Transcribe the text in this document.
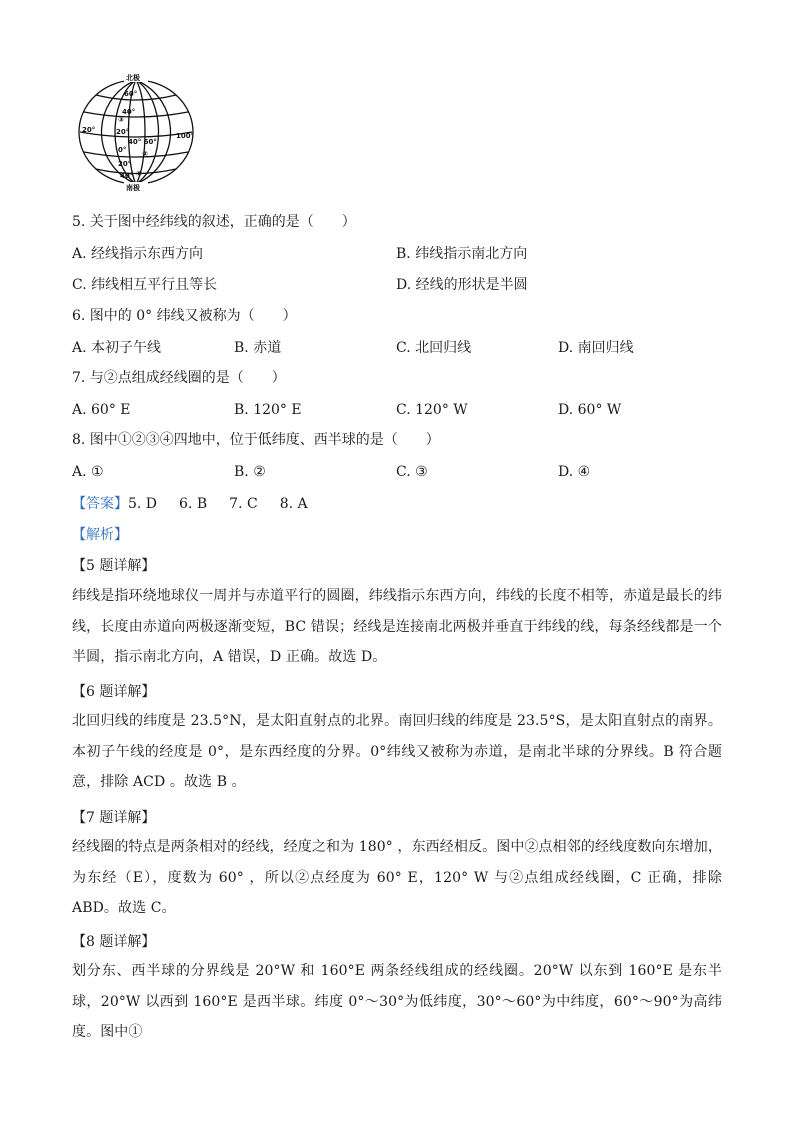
北极
南极
60°
40°
20°
③
20°
0°
40° 60°
②
20°
40° ①
100°
5. 关于图中经纬线的叙述，正确的是（　　）
A. 经线指示东西方向	B. 纬线指示南北方向
C. 纬线相互平行且等长	D. 经线的形状是半圆
6. 图中的 0° 纬线又被称为（　　）
A. 本初子午线	B. 赤道	C. 北回归线	D. 南回归线
7. 与②点组成经线圈的是（　　）
A. 60° E	B. 120° E	C. 120° W	D. 60° W
8. 图中①②③④四地中，位于低纬度、西半球的是（　　）
A. ①	B. ②	C. ③	D. ④
【答案】5. D 6. B 7. C 8. A
【解析】
【5 题详解】
纬线是指环绕地球仪一周并与赤道平行的圆圈，纬线指示东西方向，纬线的长度不相等，赤道是最长的纬线，长度由赤道向两极逐渐变短，BC 错误；经线是连接南北两极并垂直于纬线的线，每条经线都是一个半圆，指示南北方向，A 错误，D 正确。故选 D。
【6 题详解】
北回归线的纬度是 23.5°N，是太阳直射点的北界。南回归线的纬度是 23.5°S，是太阳直射点的南界。本初子午线的经度是 0°，是东西经度的分界。0°纬线又被称为赤道，是南北半球的分界线。B 符合题意，排除 ACD 。故选 B 。
【7 题详解】
经线圈的特点是两条相对的经线，经度之和为 180° ，东西经相反。图中②点相邻的经线度数向东增加，为东经（E），度数为 60° ，所以②点经度为 60° E，120° W 与②点组成经线圈，C 正确，排除 ABD。故选 C。
【8 题详解】
划分东、西半球的分界线是 20°W 和 160°E 两条经线组成的经线圈。20°W 以东到 160°E 是东半球，20°W 以西到 160°E 是西半球。纬度 0°～30°为低纬度，30°～60°为中纬度，60°～90°为高纬度。图中①
